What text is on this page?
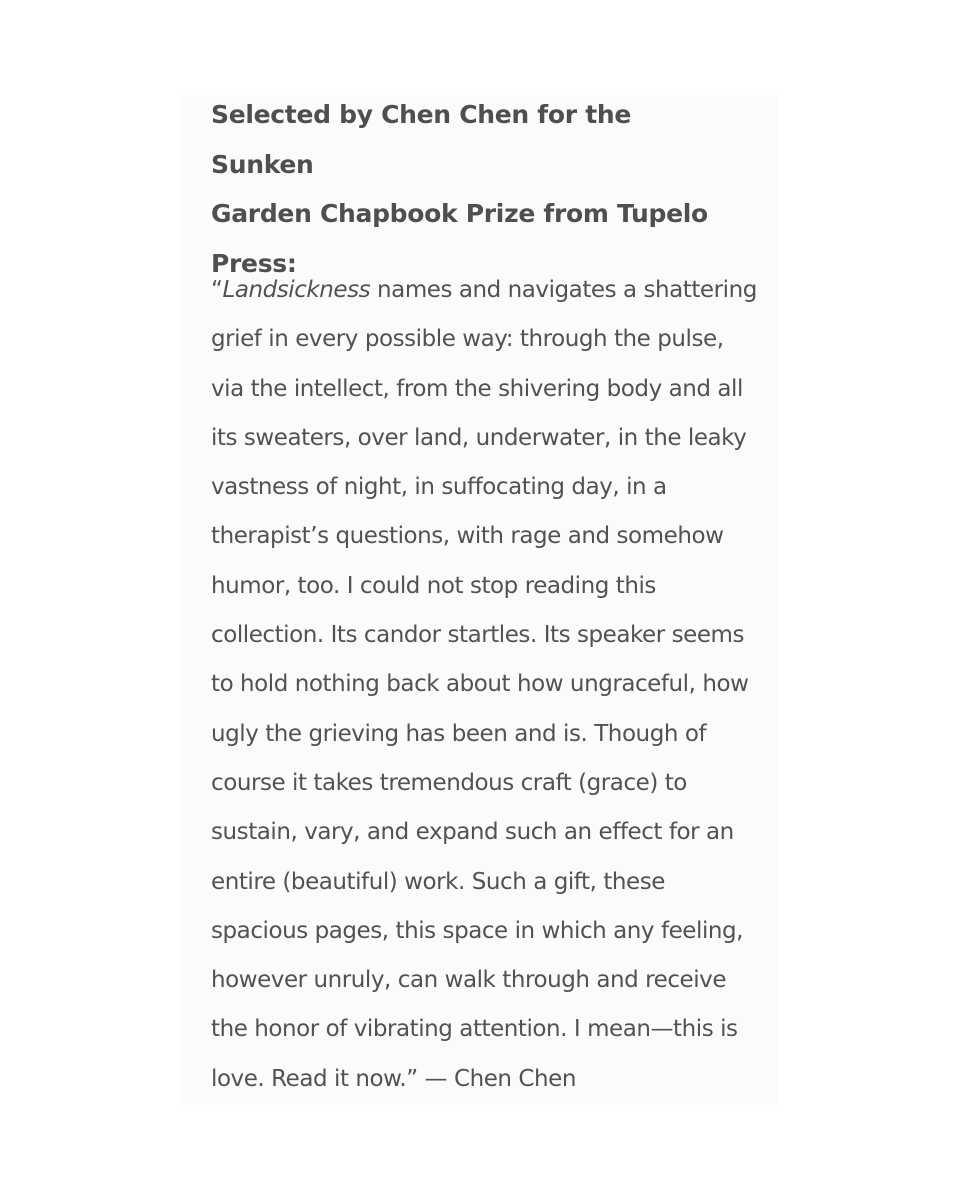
Selected by Chen Chen for the Sunken
Garden Chapbook Prize from Tupelo
Press:
“Landsickness names and navigates a shattering
grief in every possible way: through the pulse,
via the intellect, from the shivering body and all
its sweaters, over land, underwater, in the leaky
vastness of night, in suffocating day, in a
therapist’s questions, with rage and somehow
humor, too. I could not stop reading this
collection. Its candor startles. Its speaker seems
to hold nothing back about how ungraceful, how
ugly the grieving has been and is. Though of
course it takes tremendous craft (grace) to
sustain, vary, and expand such an effect for an
entire (beautiful) work. Such a gift, these
spacious pages, this space in which any feeling,
however unruly, can walk through and receive
the honor of vibrating attention. I mean—this is
love. Read it now.” — Chen Chen
